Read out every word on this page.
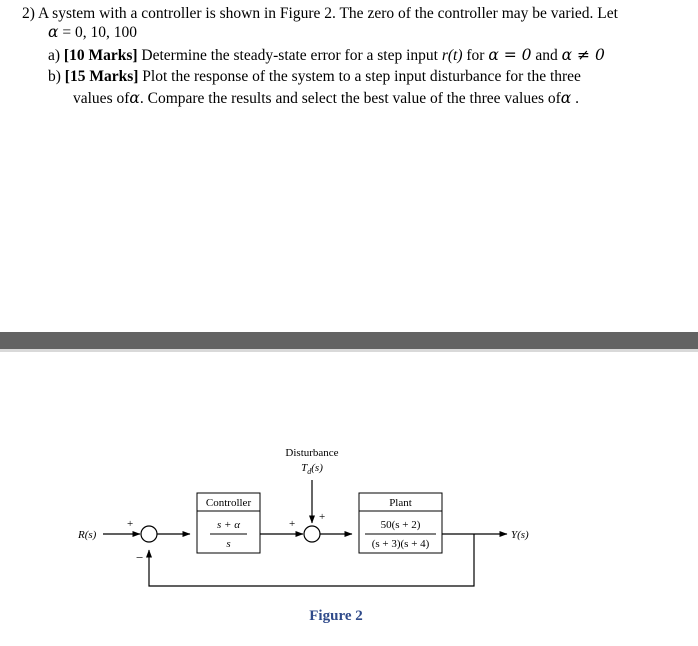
2) A system with a controller is shown in Figure 2. The zero of the controller may be varied. Let
α = 0, 10, 100
a) [10 Marks] Determine the steady-state error for a step input r(t) for α = 0 and α ≠ 0
b) [15 Marks] Plot the response of the system to a step input disturbance for the three
values ofα. Compare the results and select the best value of the three values ofα .
R(s)
+
−
Controller
s + α
s
Disturbance
$T_d(s)$
+
+
Plant
50(s + 2)
(s + 3)(s + 4)
Y(s)
Figure 2
